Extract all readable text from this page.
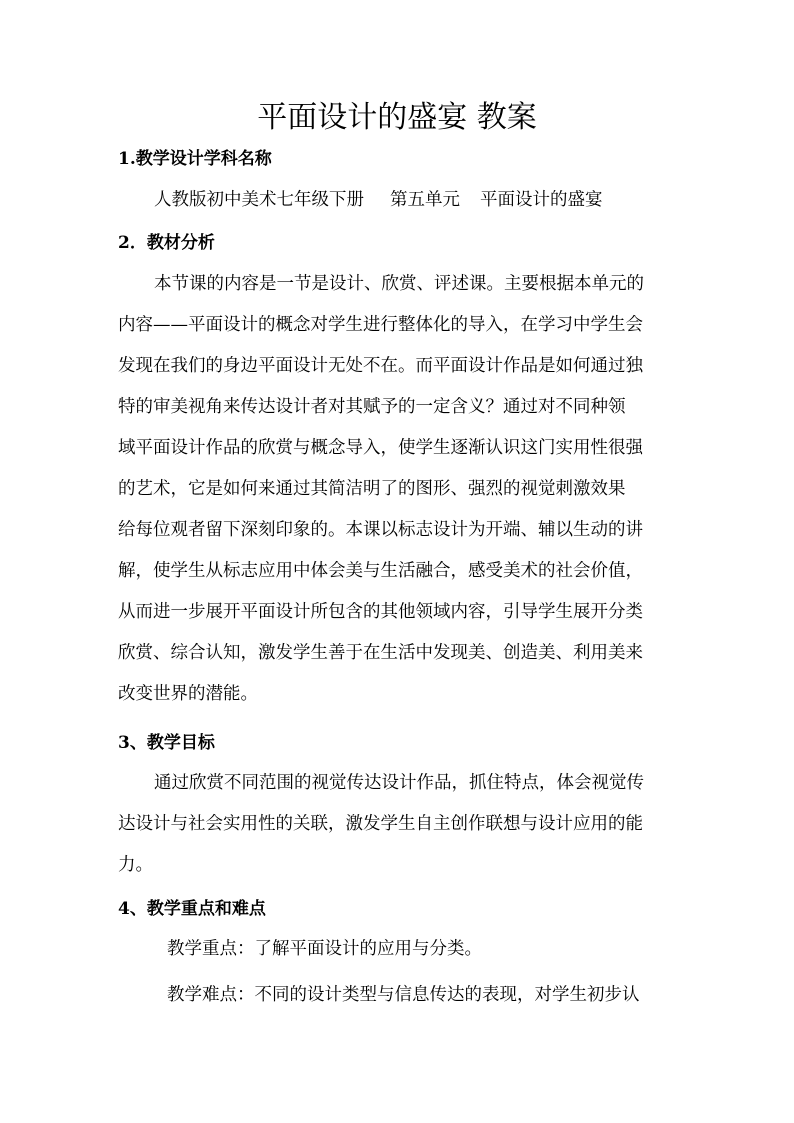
平面设计的盛宴 教案
1.教学设计学科名称
人教版初中美术七年级下册 第五单元 平面设计的盛宴
2．教材分析
本节课的内容是一节是设计、欣赏、评述课。主要根据本单元的
内容——平面设计的概念对学生进行整体化的导入，在学习中学生会
发现在我们的身边平面设计无处不在。而平面设计作品是如何通过独
特的审美视角来传达设计者对其赋予的一定含义？通过对不同种领
域平面设计作品的欣赏与概念导入，使学生逐渐认识这门实用性很强
的艺术，它是如何来通过其简洁明了的图形、强烈的视觉刺激效果
给每位观者留下深刻印象的。本课以标志设计为开端、辅以生动的讲
解，使学生从标志应用中体会美与生活融合，感受美术的社会价值，
从而进一步展开平面设计所包含的其他领域内容，引导学生展开分类
欣赏、综合认知，激发学生善于在生活中发现美、创造美、利用美来
改变世界的潜能。
3、教学目标
通过欣赏不同范围的视觉传达设计作品，抓住特点，体会视觉传
达设计与社会实用性的关联，激发学生自主创作联想与设计应用的能
力。
4、教学重点和难点
教学重点：了解平面设计的应用与分类。
教学难点：不同的设计类型与信息传达的表现，对学生初步认
